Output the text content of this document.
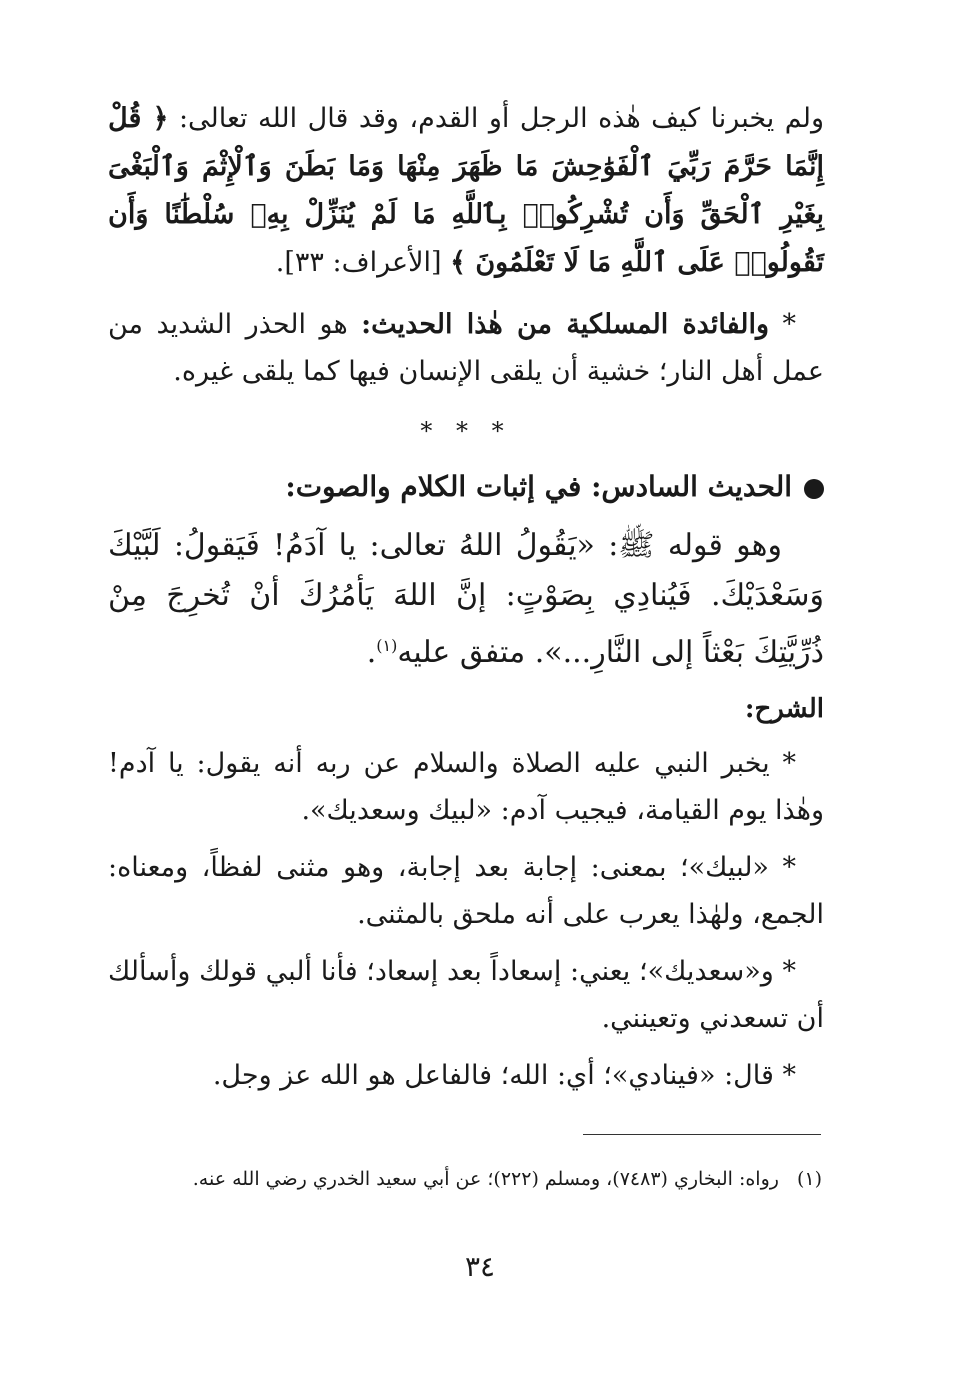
ولم يخبرنا كيف هٰذه الرجل أو القدم، وقد قال الله تعالى: ﴿ قُلْ إِنَّمَا حَرَّمَ رَبِّيَ ٱلْفَوَٰحِشَ مَا ظَهَرَ مِنْهَا وَمَا بَطَنَ وَٱلْإِثْمَ وَٱلْبَغْىَ بِغَيْرِ ٱلْحَقِّ وَأَن تُشْرِكُوا۟ بِٱللَّهِ مَا لَمْ يُنَزِّلْ بِهِۦ سُلْطَٰنًا وَأَن تَقُولُوا۟ عَلَى ٱللَّهِ مَا لَا تَعْلَمُونَ ﴾ [الأعراف: ٣٣].

* والفائدة المسلكية من هٰذا الحديث: هو الحذر الشديد من عمل أهل النار؛ خشية أن يلقى الإنسان فيها كما يلقى غيره.

* * *
الحديث السادس: في إثبات الكلام والصوت:

وهو قوله ﷺ: «يَقُولُ اللهُ تعالى: يا آدَمُ! فَيَقولُ: لَبَّيْكَ وَسَعْدَيْكَ. فَيُنادِي بِصَوْتٍ: إنَّ اللهَ يَأمُرُكَ أنْ تُخرِجَ مِنْ ذُرِّيَّتِكَ بَعْثاً إلى النَّارِ...». متفق عليه$^{(١)}$.

الشرح:

* يخبر النبي عليه الصلاة والسلام عن ربه أنه يقول: يا آدم! وهٰذا يوم القيامة، فيجيب آدم: «لبيك وسعديك».

* «لبيك»؛ بمعنى: إجابة بعد إجابة، وهو مثنى لفظاً، ومعناه: الجمع، ولهٰذا يعرب على أنه ملحق بالمثنى.

* و«سعديك»؛ يعني: إسعاداً بعد إسعاد؛ فأنا ألبي قولك وأسألك أن تسعدني وتعينني.

* قال: «فينادي»؛ أي: الله؛ فالفاعل هو الله عز وجل.

(١)رواه: البخاري (٧٤٨٣)، ومسلم (٢٢٢)؛ عن أبي سعيد الخدري رضي الله عنه.
٣٤
